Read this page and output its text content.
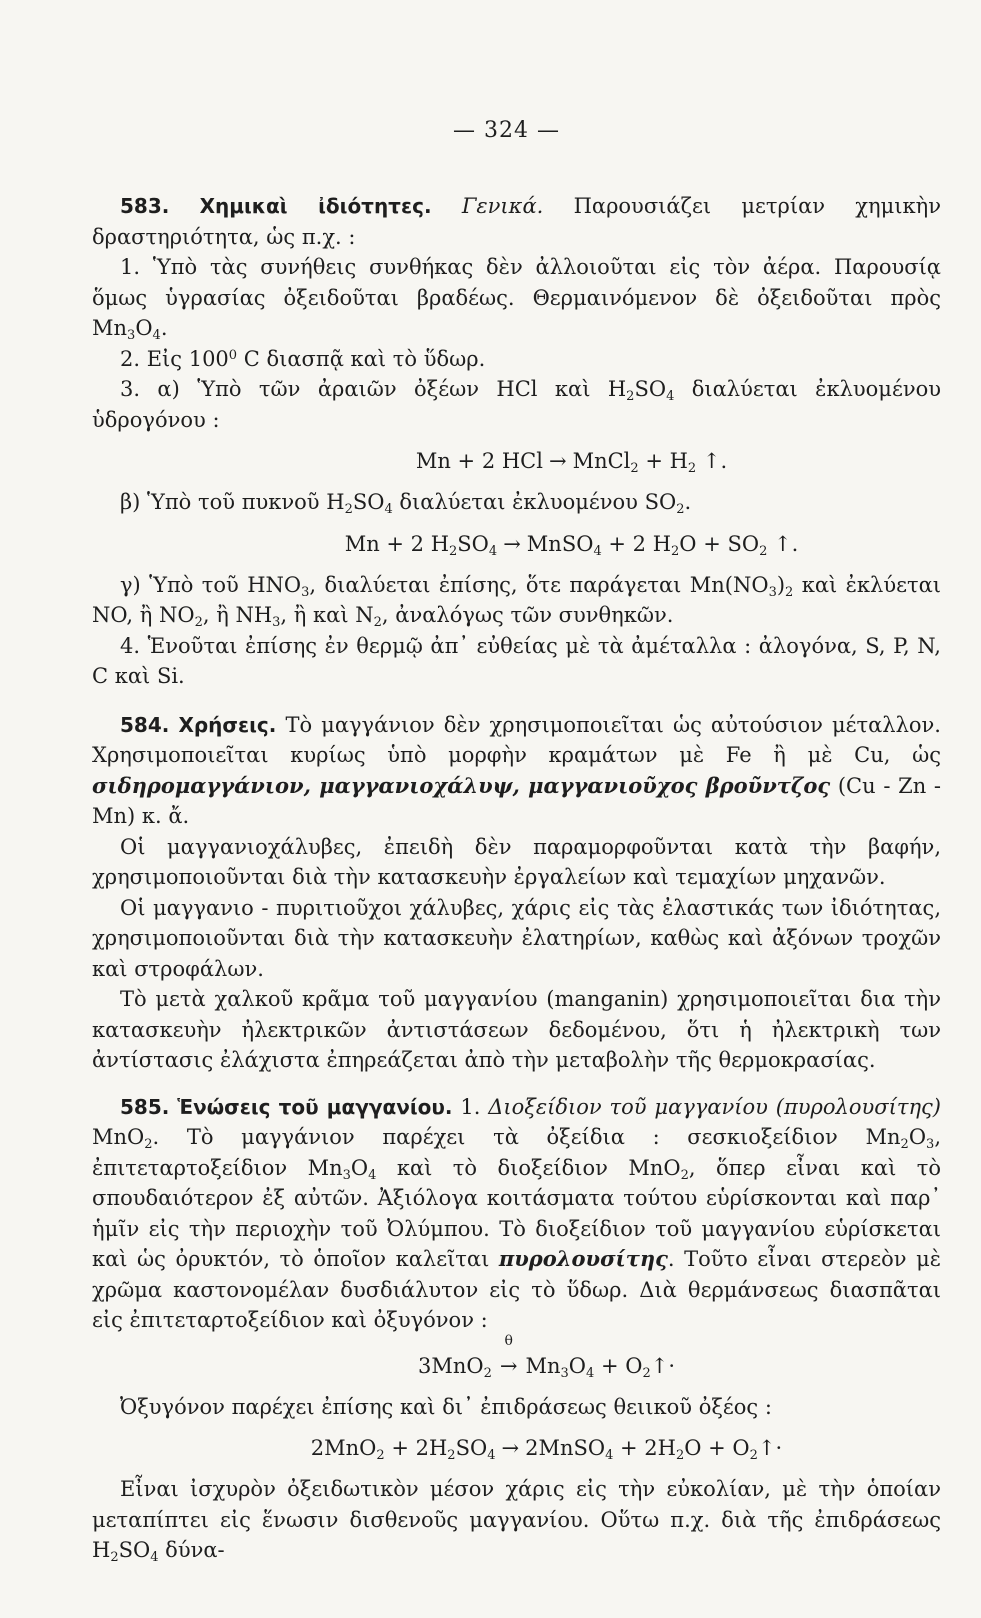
— 324 —

583. Χημικαὶ ἰδιότητες. Γενικά. Παρουσιάζει μετρίαν χημικὴν δραστηριότητα, ὡς π.χ. :

1. Ὑπὸ τὰς συνήθεις συνθήκας δὲν ἀλλοιοῦται εἰς τὸν ἀέρα. Παρουσίᾳ ὅμως ὑγρασίας ὀξειδοῦται βραδέως. Θερμαινόμενον δὲ ὀξειδοῦται πρὸς $Mn_3O_4$.

2. Εἰς $100^0$ C διασπᾷ καὶ τὸ ὕδωρ.

3. α) Ὑπὸ τῶν ἀραιῶν ὀξέων HCl καὶ $H_2SO_4$ διαλύεται ἐκλυομένου ὑδρογόνου :

Mn + 2 HCl → MnCl$_2$ + $H_2$ ↑.

β) Ὑπὸ τοῦ πυκνοῦ $H_2SO_4$ διαλύεται ἐκλυομένου $SO_2$.

Mn + 2 $H_2SO_4$ → MnSO$_4$ + 2 $H_2O + SO_2$ ↑.

γ) Ὑπὸ τοῦ $HNO_3$, διαλύεται ἐπίσης, ὅτε παράγεται $Mn(NO_3)_2$ καὶ ἐκλύεται NO, ἢ $NO_2$, ἢ $NH_3$, ἢ καὶ $N_2$, ἀναλόγως τῶν συνθηκῶν.

4. Ἑνοῦται ἐπίσης ἐν θερμῷ ἀπ᾽ εὐθείας μὲ τὰ ἀμέταλλα : ἀλογόνα, S, P, N, C καὶ Si.

584. Χρήσεις. Τὸ μαγγάνιον δὲν χρησιμοποιεῖται ὡς αὐτούσιον μέταλλον. Χρησιμοποιεῖται κυρίως ὑπὸ μορφὴν κραμάτων μὲ Fe ἢ μὲ Cu, ὡς σιδηρομαγγάνιον, μαγγανιοχάλυψ, μαγγανιοῦχος βροῦντζος (Cu - Zn - Mn) κ. ἄ.

Οἱ μαγγανιοχάλυβες, ἐπειδὴ δὲν παραμορφοῦνται κατὰ τὴν βαφήν, χρησιμοποιοῦνται διὰ τὴν κατασκευὴν ἐργαλείων καὶ τεμαχίων μηχανῶν.

Οἱ μαγγανιο - πυριτιοῦχοι χάλυβες, χάρις εἰς τὰς ἐλαστικάς των ἰδιότητας, χρησιμοποιοῦνται διὰ τὴν κατασκευὴν ἐλατηρίων, καθὼς καὶ ἀξόνων τροχῶν καὶ στροφάλων.

Τὸ μετὰ χαλκοῦ κρᾶμα τοῦ μαγγανίου (manganin) χρησιμοποιεῖται δια τὴν κατασκευὴν ἠλεκτρικῶν ἀντιστάσεων δεδομένου, ὅτι ἡ ἠλεκτρικὴ των ἀντίστασις ἐλάχιστα ἐπηρεάζεται ἀπὸ τὴν μεταβολὴν τῆς θερμοκρασίας.

585. Ἑνώσεις τοῦ μαγγανίου. 1. Διοξείδιον τοῦ μαγγανίου (πυρολουσίτης) MnO$_2$. Τὸ μαγγάνιον παρέχει τὰ ὀξείδια : σεσκιοξείδιον $Mn_2O_3$, ἐπιτεταρτοξείδιον $Mn_3O_4$ καὶ τὸ διοξείδιον MnO$_2$, ὅπερ εἶναι καὶ τὸ σπουδαιότερον ἐξ αὐτῶν. Ἀξιόλογα κοιτάσματα τούτου εὑρίσκονται καὶ παρ᾽ ἡμῖν εἰς τὴν περιοχὴν τοῦ Ὀλύμπου. Τὸ διοξείδιον τοῦ μαγγανίου εὑρίσκεται καὶ ὡς ὀρυκτόν, τὸ ὁποῖον καλεῖται πυρολουσίτης. Τοῦτο εἶναι στερεὸν μὲ χρῶμα καστονομέλαν δυσδιάλυτον εἰς τὸ ὕδωρ. Διὰ θερμάνσεως διασπᾶται εἰς ἐπιτεταρτοξείδιον καὶ ὀξυγόνον :

3MnO$_2$
θ
→ $Mn_3O_4$ + $O_2↑\cdot$

Ὀξυγόνον παρέχει ἐπίσης καὶ δι᾽ ἐπιδράσεως θειικοῦ ὀξέος :

$2MnO_2 + 2H_2SO_4$ → 2MnSO$_4$ + $2H_2O$ + $O_2↑\cdot$

Εἶναι ἰσχυρὸν ὀξειδωτικὸν μέσον χάρις εἰς τὴν εὐκολίαν, μὲ τὴν ὁποίαν μεταπίπτει εἰς ἕνωσιν δισθενοῦς μαγγανίου. Οὕτω π.χ. διὰ τῆς ἐπιδράσεως $H_2SO_4$ δύνα-
